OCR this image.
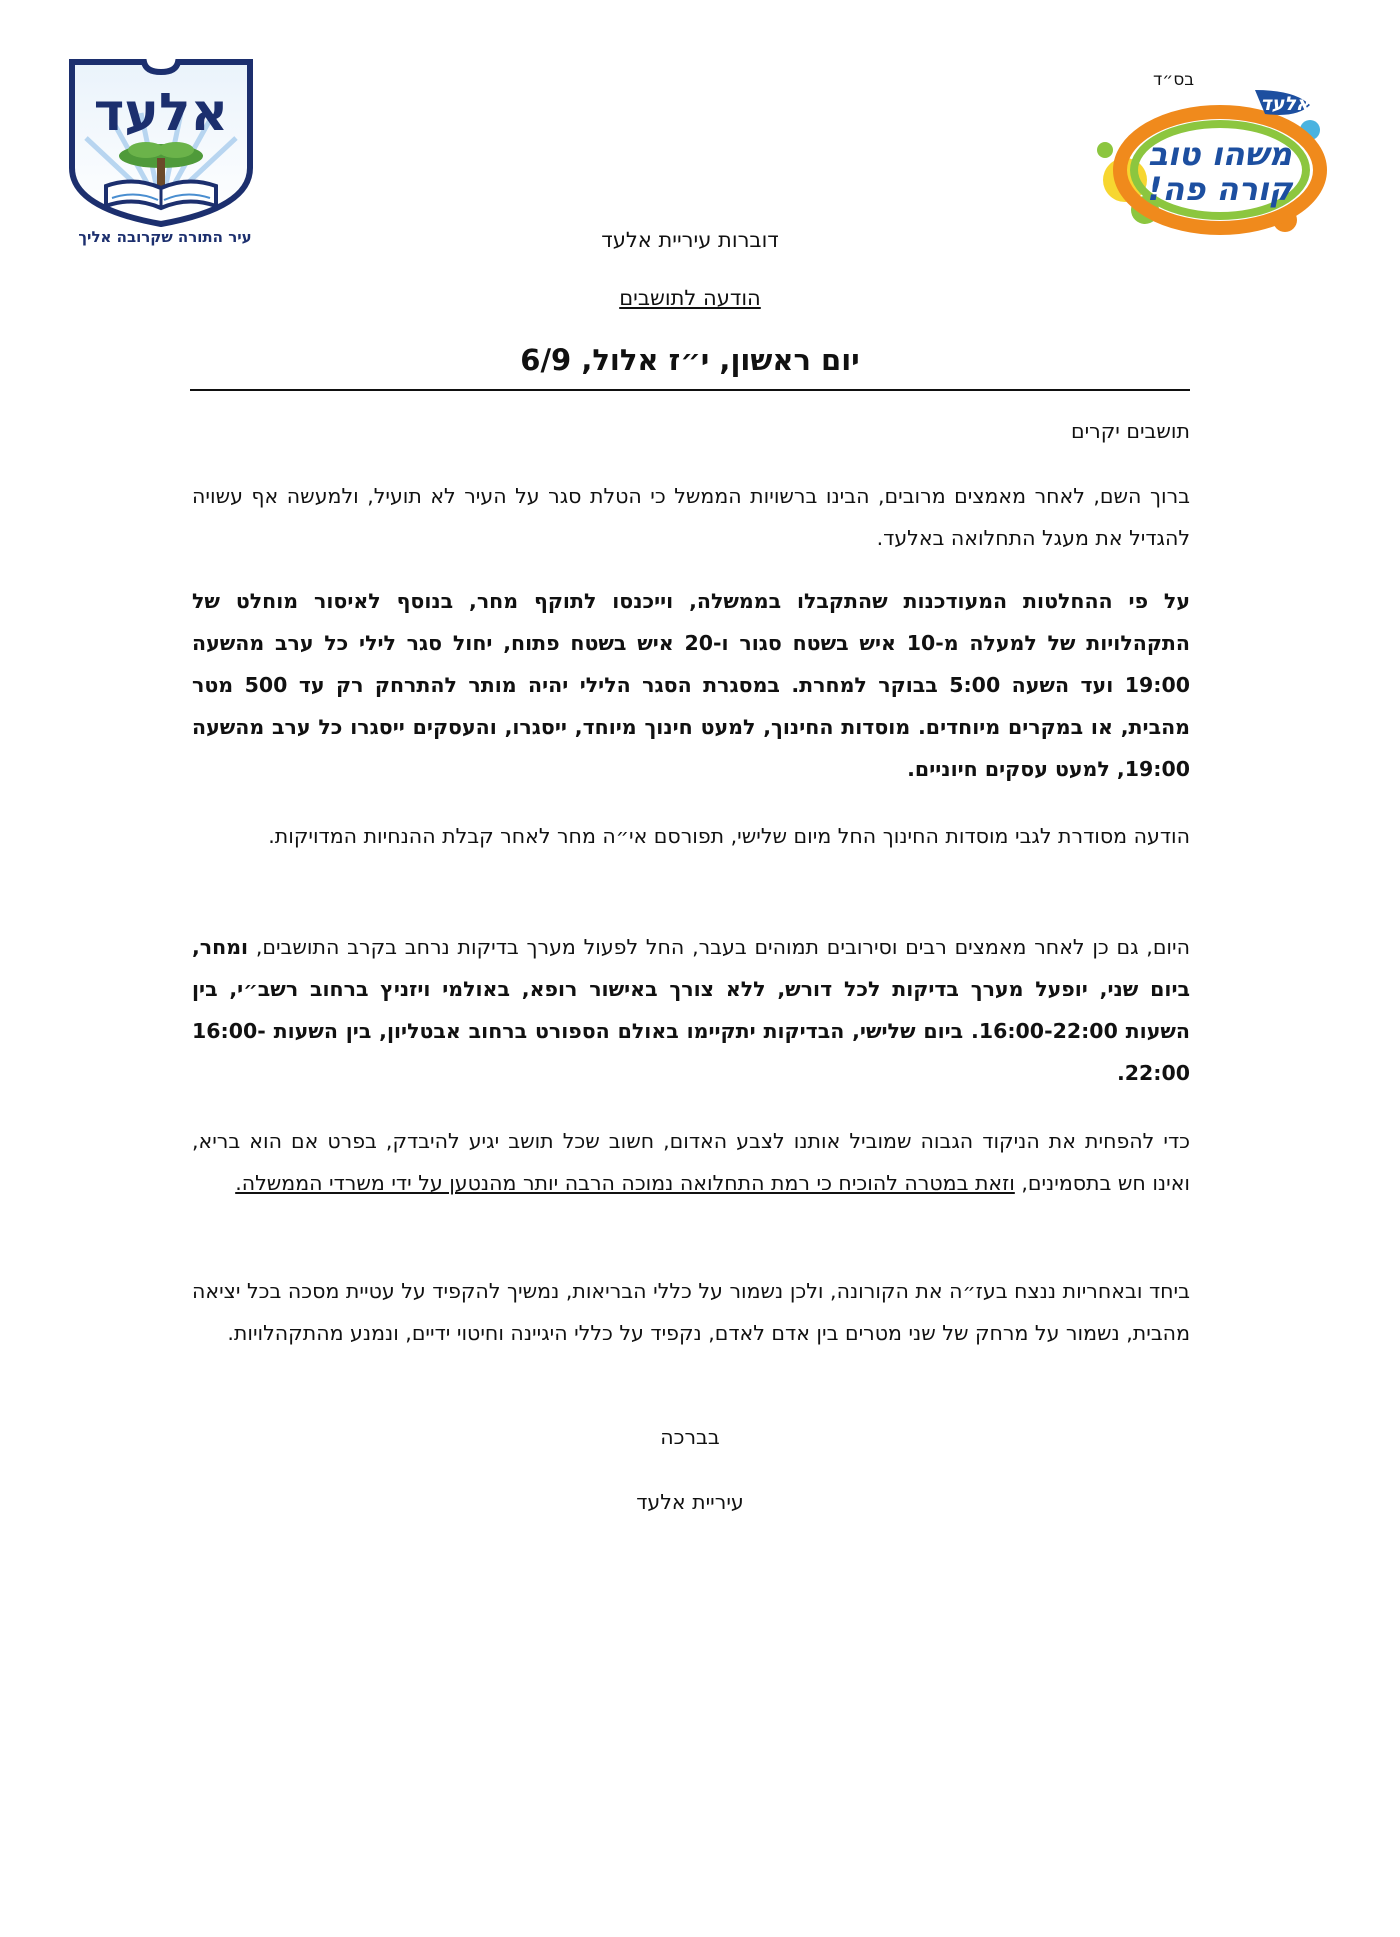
אלעד
עיר התורה שקרובה אליך
אלעד
משהו טוב
קורה פה!
בס״ד
דוברות עיריית אלעד
הודעה לתושבים
יום ראשון, י״ז אלול, 6/9
תושבים יקרים
ברוך השם, לאחר מאמצים מרובים, הבינו ברשויות הממשל כי הטלת סגר על העיר לא תועיל, ולמעשה אף עשויה להגדיל את מעגל התחלואה באלעד.
על פי ההחלטות המעודכנות שהתקבלו בממשלה, וייכנסו לתוקף מחר, בנוסף לאיסור מוחלט של התקהלויות של למעלה מ-10 איש בשטח סגור ו-20 איש בשטח פתוח, יחול סגר לילי כל ערב מהשעה 19:00 ועד השעה 5:00 בבוקר למחרת. במסגרת הסגר הלילי יהיה מותר להתרחק רק עד 500 מטר מהבית, או במקרים מיוחדים. מוסדות החינוך, למעט חינוך מיוחד, ייסגרו, והעסקים ייסגרו כל ערב מהשעה 19:00, למעט עסקים חיוניים.
הודעה מסודרת לגבי מוסדות החינוך החל מיום שלישי, תפורסם אי״ה מחר לאחר קבלת ההנחיות המדויקות.
היום, גם כן לאחר מאמצים רבים וסירובים תמוהים בעבר, החל לפעול מערך בדיקות נרחב בקרב התושבים, ומחר, ביום שני, יופעל מערך בדיקות לכל דורש, ללא צורך באישור רופא, באולמי ויזניץ ברחוב רשב״י, בין השעות 16:00-22:00. ביום שלישי, הבדיקות יתקיימו באולם הספורט ברחוב אבטליון, בין השעות 16:00-22:00.
כדי להפחית את הניקוד הגבוה שמוביל אותנו לצבע האדום, חשוב שכל תושב יגיע להיבדק, בפרט אם הוא בריא, ואינו חש בתסמינים, וזאת במטרה להוכיח כי רמת התחלואה נמוכה הרבה יותר מהנטען על ידי משרדי הממשלה.
ביחד ובאחריות ננצח בעז״ה את הקורונה, ולכן נשמור על כללי הבריאות, נמשיך להקפיד על עטיית מסכה בכל יציאה מהבית, נשמור על מרחק של שני מטרים בין אדם לאדם, נקפיד על כללי היגיינה וחיטוי ידיים, ונמנע מהתקהלויות.
בברכה
עיריית אלעד
